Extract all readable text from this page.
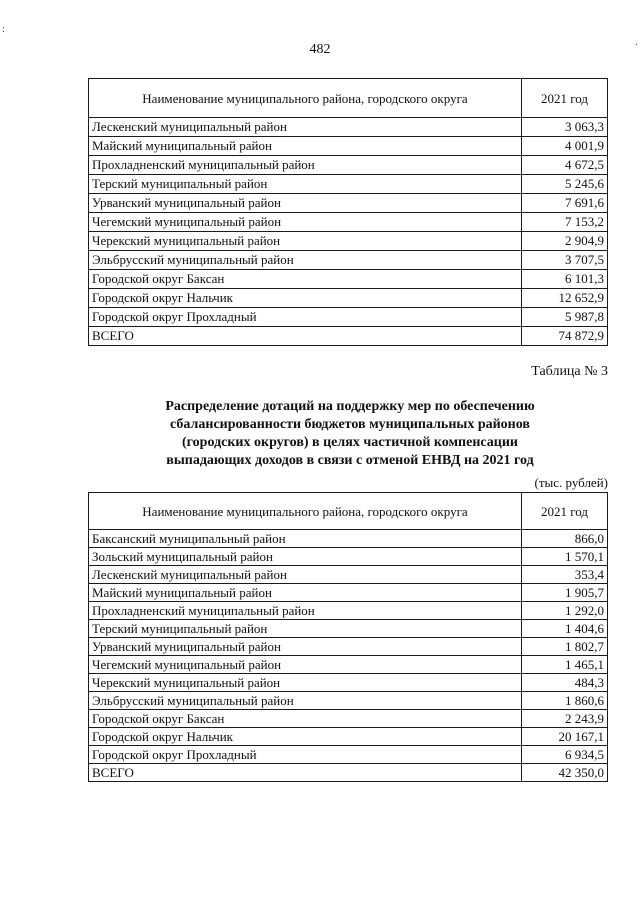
:
·
482
Наименование муниципального района, городского округа	2021 год
Лескенский муниципальный район	3 063,3
Майский муниципальный район	4 001,9
Прохладненский муниципальный район	4 672,5
Терский муниципальный район	5 245,6
Урванский муниципальный район	7 691,6
Чегемский муниципальный район	7 153,2
Черекский муниципальный район	2 904,9
Эльбрусский муниципальный район	3 707,5
Городской округ Баксан	6 101,3
Городской округ Нальчик	12 652,9
Городской округ Прохладный	5 987,8
ВСЕГО	74 872,9
Таблица № 3
Распределение дотаций на поддержку мер по обеспечению
сбалансированности бюджетов муниципальных районов
(городских округов) в целях частичной компенсации
выпадающих доходов в связи с отменой ЕНВД на 2021 год
(тыс. рублей)
Наименование муниципального района, городского округа	2021 год
Баксанский муниципальный район	866,0
Зольский муниципальный район	1 570,1
Лескенский муниципальный район	353,4
Майский муниципальный район	1 905,7
Прохладненский муниципальный район	1 292,0
Терский муниципальный район	1 404,6
Урванский муниципальный район	1 802,7
Чегемский муниципальный район	1 465,1
Черекский муниципальный район	484,3
Эльбрусский муниципальный район	1 860,6
Городской округ Баксан	2 243,9
Городской округ Нальчик	20 167,1
Городской округ Прохладный	6 934,5
ВСЕГО	42 350,0
